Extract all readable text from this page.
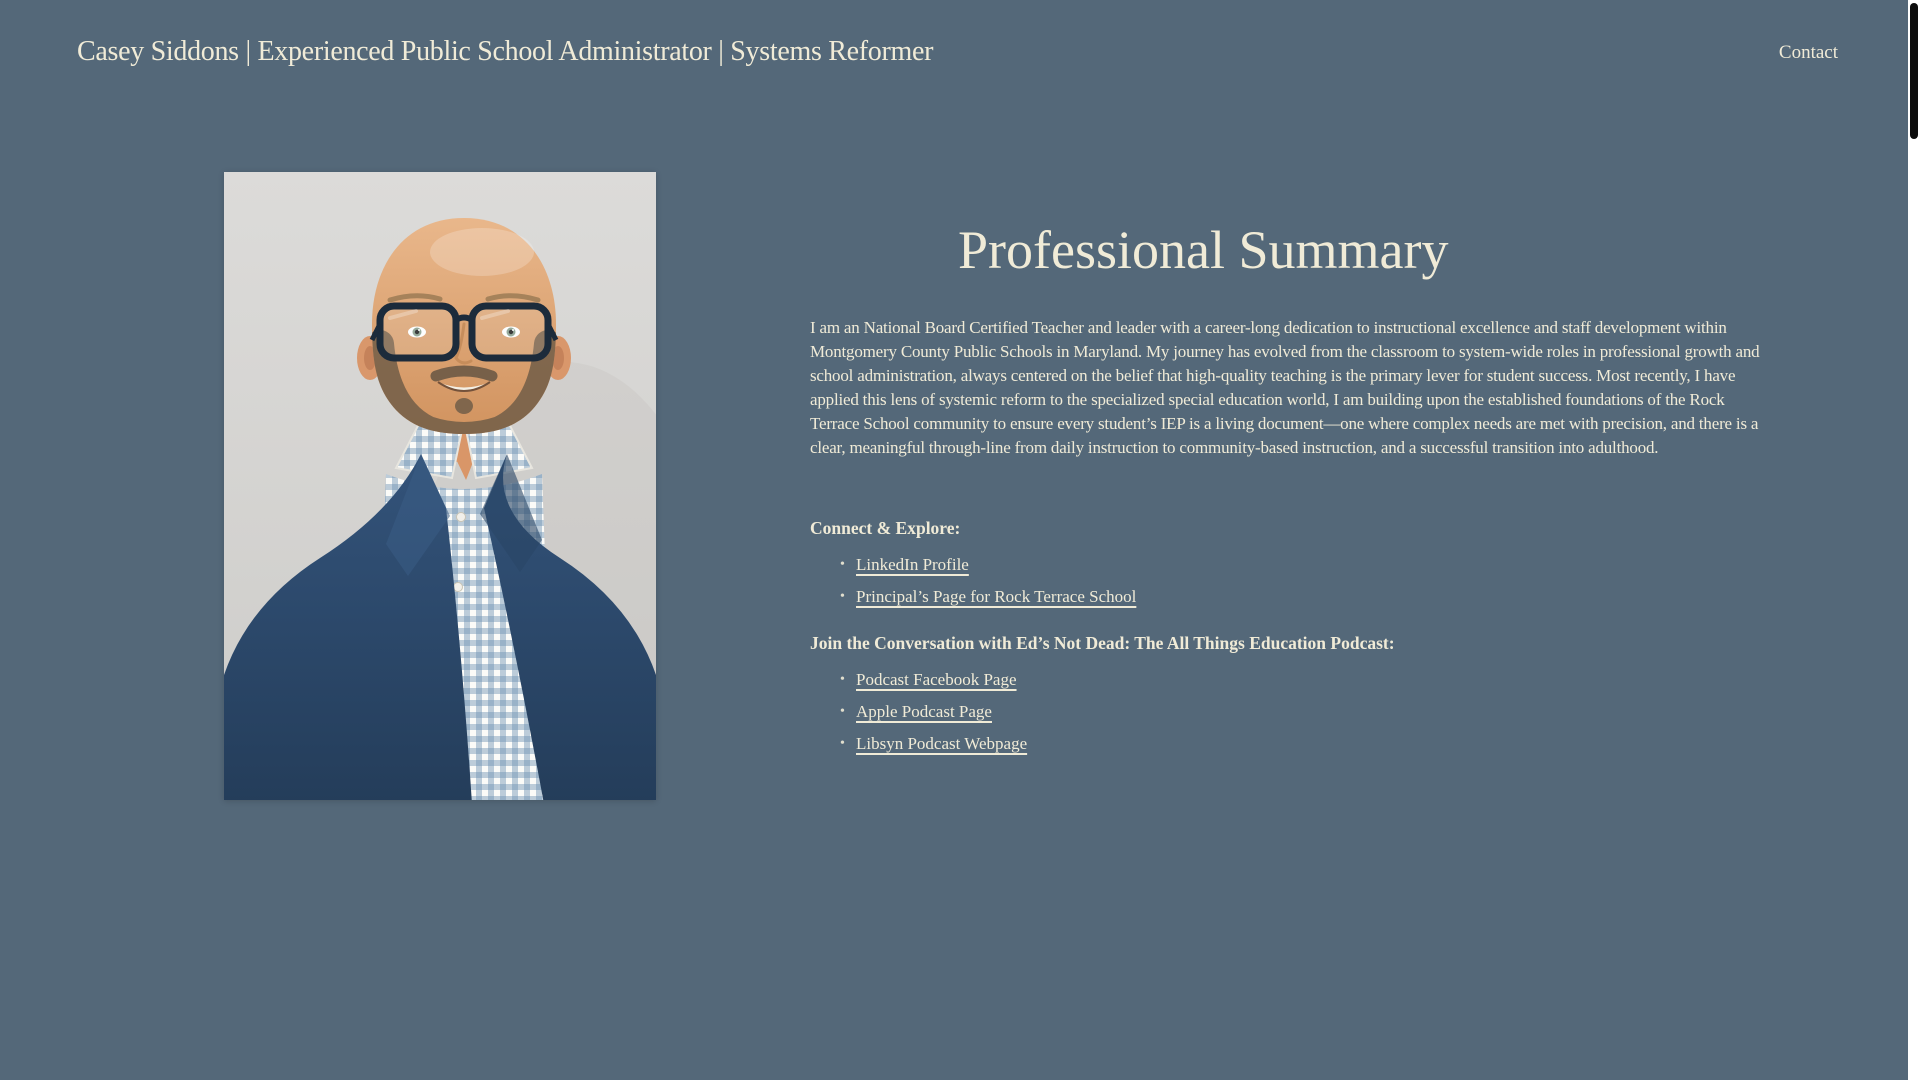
Casey Siddons | Experienced Public School Administrator | Systems Reformer	Contact
Professional Summary

I am an National Board Certified Teacher and leader with a career-long dedication to instructional excellence and staff development within Montgomery County Public Schools in Maryland. My journey has evolved from the classroom to system-wide roles in professional growth and school administration, always centered on the belief that high-quality teaching is the primary lever for student success. Most recently, I have applied this lens of systemic reform to the specialized special education world, I am building upon the established foundations of the Rock Terrace School community to ensure every student’s IEP is a living document—one where complex needs are met with precision, and there is a clear, meaningful through-line from daily instruction to community-based instruction, and a successful transition into adulthood.

Connect & Explore:
• LinkedIn Profile
• Principal’s Page for Rock Terrace School
Join the Conversation with Ed’s Not Dead: The All Things Education Podcast:
• Podcast Facebook Page
• Apple Podcast Page
• Libsyn Podcast Webpage
